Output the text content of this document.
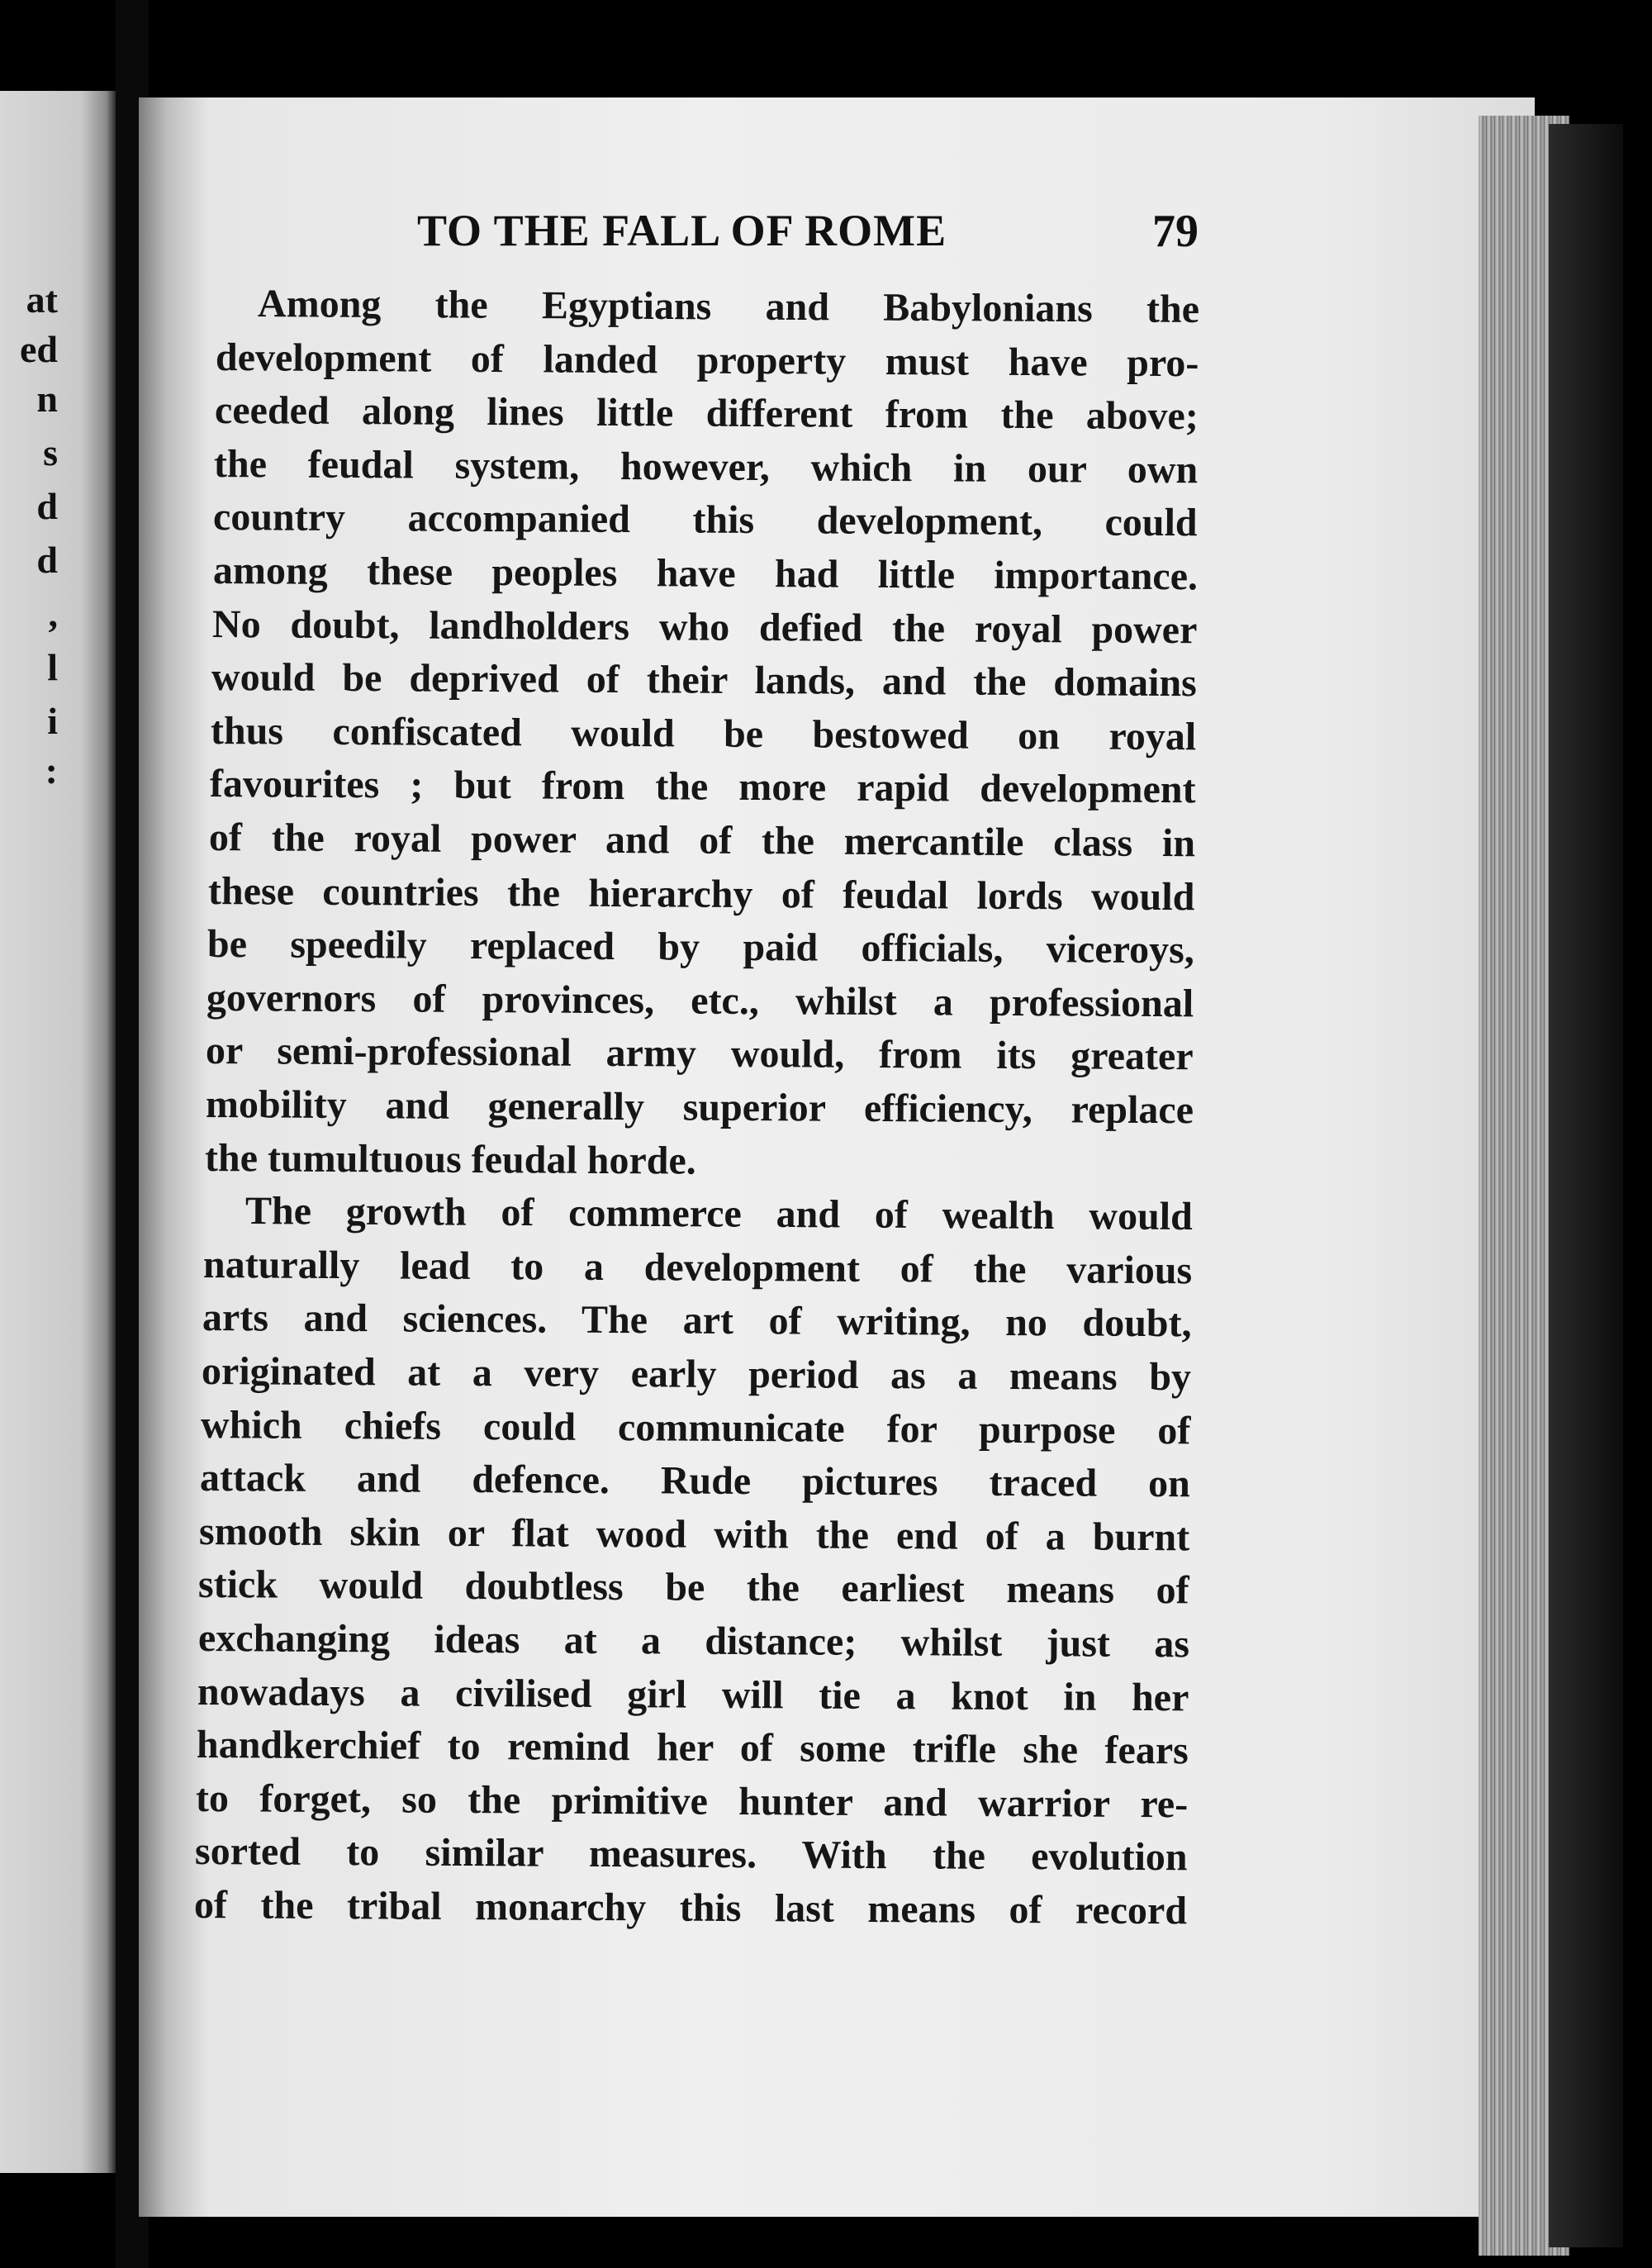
at
ed
n
s
d
d
,
l
i
:
TO THE FALL OF ROME	79
Among the Egyptians and Babylonians the
development of landed property must have pro-
ceeded along lines little different from the above;
the feudal system, however, which in our own
country accompanied this development, could
among these peoples have had little importance.
No doubt, landholders who defied the royal power
would be deprived of their lands, and the domains
thus confiscated would be bestowed on royal
favourites ; but from the more rapid development
of the royal power and of the mercantile class in
these countries the hierarchy of feudal lords would
be speedily replaced by paid officials, viceroys,
governors of provinces, etc., whilst a professional
or semi-professional army would, from its greater
mobility and generally superior efficiency, replace
the tumultuous feudal horde.
The growth of commerce and of wealth would
naturally lead to a development of the various
arts and sciences. The art of writing, no doubt,
originated at a very early period as a means by
which chiefs could communicate for purpose of
attack and defence. Rude pictures traced on
smooth skin or flat wood with the end of a burnt
stick would doubtless be the earliest means of
exchanging ideas at a distance; whilst just as
nowadays a civilised girl will tie a knot in her
handkerchief to remind her of some trifle she fears
to forget, so the primitive hunter and warrior re-
sorted to similar measures. With the evolution
of the tribal monarchy this last means of record
